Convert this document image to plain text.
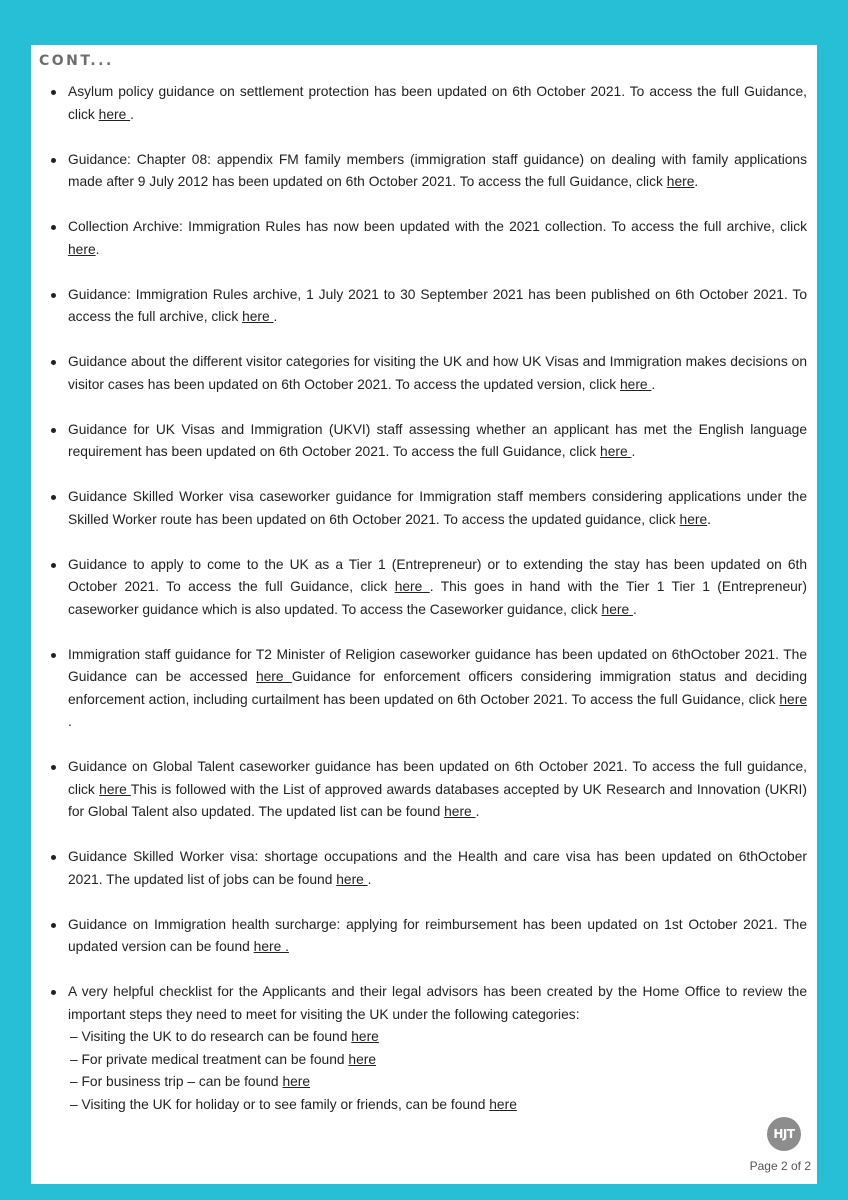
CONT...
Asylum policy guidance on settlement protection has been updated on 6th October 2021. To access the full Guidance, click here .
Guidance: Chapter 08: appendix FM family members (immigration staff guidance) on dealing with family applications made after 9 July 2012 has been updated on 6th October 2021. To access the full Guidance, click here.
Collection Archive: Immigration Rules has now been updated with the 2021 collection. To access the full archive, click here.
Guidance: Immigration Rules archive, 1 July 2021 to 30 September 2021 has been published on 6th October 2021. To access the full archive, click here .
Guidance about the different visitor categories for visiting the UK and how UK Visas and Immigration makes decisions on visitor cases has been updated on 6th October 2021. To access the updated version, click here .
Guidance for UK Visas and Immigration (UKVI) staff assessing whether an applicant has met the English language requirement has been updated on 6th October 2021. To access the full Guidance, click here .
Guidance Skilled Worker visa caseworker guidance for Immigration staff members considering applications under the Skilled Worker route has been updated on 6th October 2021. To access the updated guidance, click here.
Guidance to apply to come to the UK as a Tier 1 (Entrepreneur) or to extending the stay has been updated on 6th October 2021. To access the full Guidance, click here . This goes in hand with the Tier 1 Tier 1 (Entrepreneur) caseworker guidance which is also updated. To access the Caseworker guidance, click here .
Immigration staff guidance for T2 Minister of Religion caseworker guidance has been updated on 6thOctober 2021. The Guidance can be accessed here Guidance for enforcement officers considering immigration status and deciding enforcement action, including curtailment has been updated on 6th October 2021. To access the full Guidance, click here .
Guidance on Global Talent caseworker guidance has been updated on 6th October 2021. To access the full guidance, click here This is followed with the List of approved awards databases accepted by UK Research and Innovation (UKRI) for Global Talent also updated. The updated list can be found here .
Guidance Skilled Worker visa: shortage occupations and the Health and care visa has been updated on 6thOctober 2021. The updated list of jobs can be found here .
Guidance on Immigration health surcharge: applying for reimbursement has been updated on 1st October 2021. The updated version can be found here .
A very helpful checklist for the Applicants and their legal advisors has been created by the Home Office to review the important steps they need to meet for visiting the UK under the following categories:
– Visiting the UK to do research can be found here
– For private medical treatment can be found here
– For business trip – can be found here
– Visiting the UK for holiday or to see family or friends, can be found here
HJT
Page 2 of 2
